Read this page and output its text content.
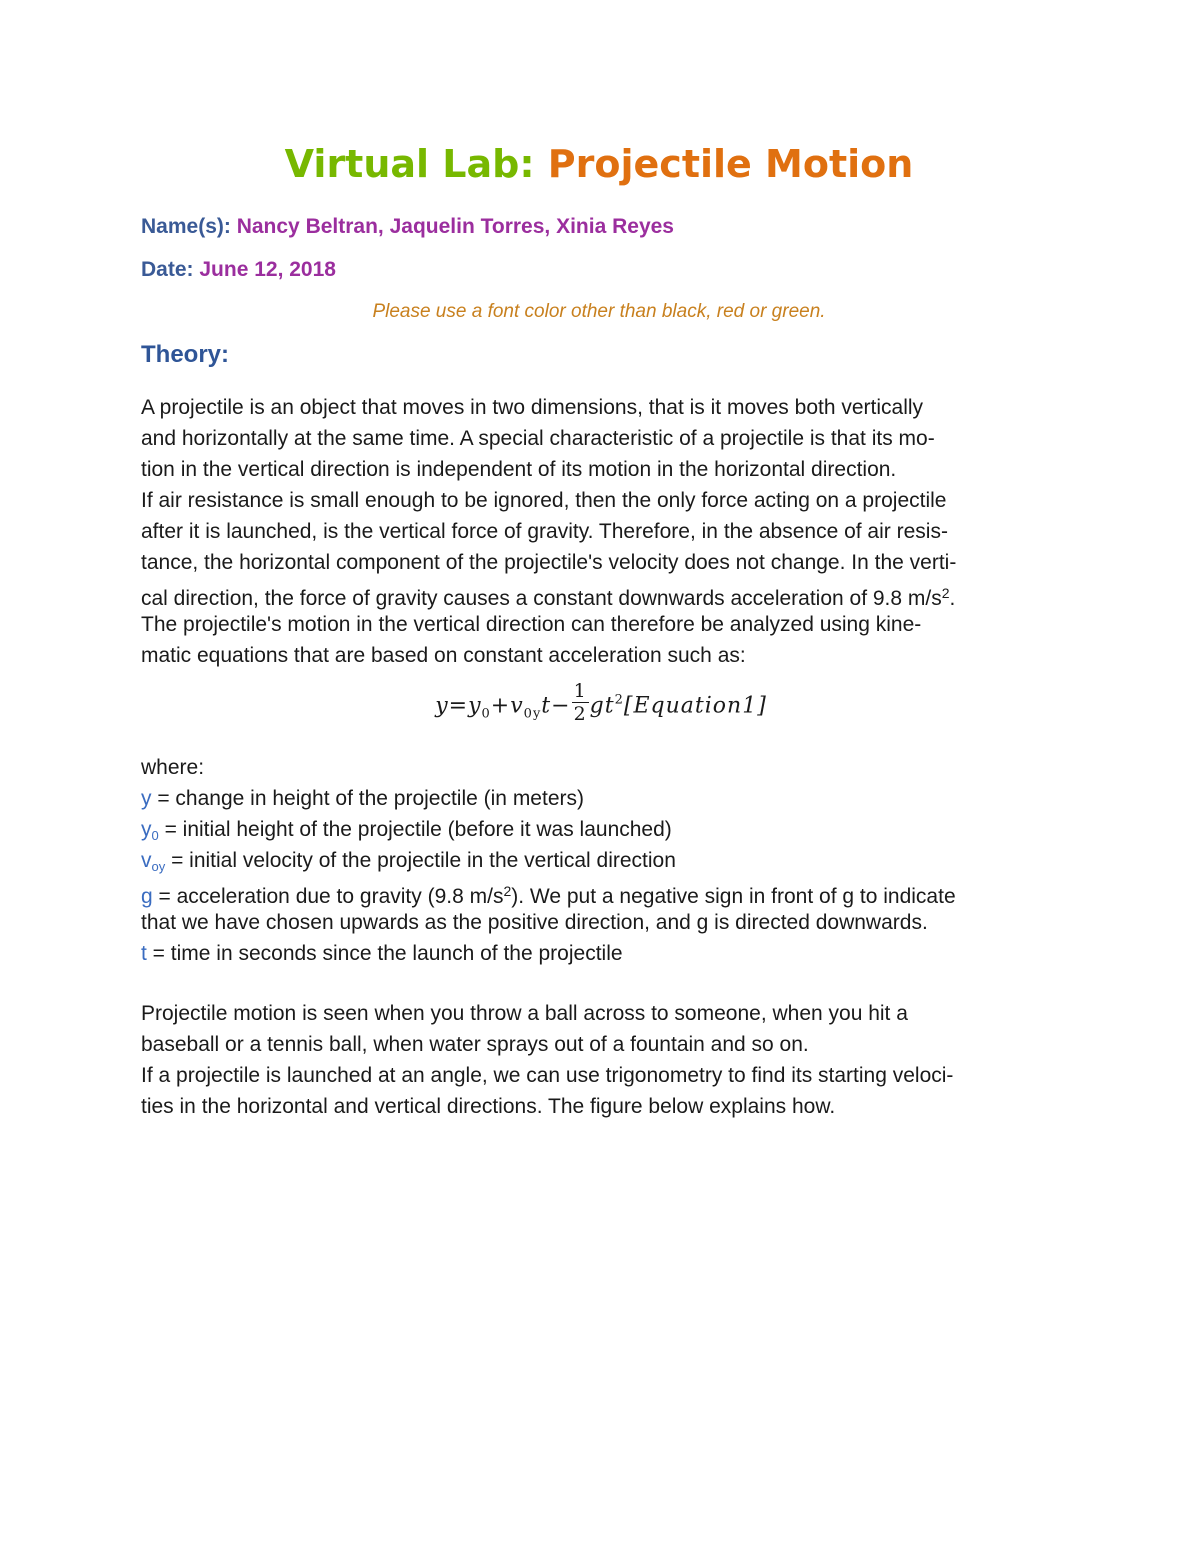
Virtual Lab: Projectile Motion
Name(s): Nancy Beltran, Jaquelin Torres, Xinia Reyes
Date: June 12, 2018
Please use a font color other than black, red or green.
Theory:
A projectile is an object that moves in two dimensions, that is it moves both vertically
and horizontally at the same time. A special characteristic of a projectile is that its mo-
tion in the vertical direction is independent of its motion in the horizontal direction.
If air resistance is small enough to be ignored, then the only force acting on a projectile
after it is launched, is the vertical force of gravity. Therefore, in the absence of air resis-
tance, the horizontal component of the projectile's velocity does not change. In the verti-
cal direction, the force of gravity causes a constant downwards acceleration of 9.8 $m/s^2$.
The projectile's motion in the vertical direction can therefore be analyzed using kine-
matic equations that are based on constant acceleration such as:
$y=y_0+v_{0y}t- \frac{1}{2}$ $gt^2[Equation1]$
where:
y = change in height of the projectile (in meters)
y0 = initial height of the projectile (before it was launched)
voy = initial velocity of the projectile in the vertical direction
g = acceleration due to gravity (9.8 $m/s^2$). We put a negative sign in front of g to indicate
that we have chosen upwards as the positive direction, and g is directed downwards.
t = time in seconds since the launch of the projectile
Projectile motion is seen when you throw a ball across to someone, when you hit a
baseball or a tennis ball, when water sprays out of a fountain and so on.
If a projectile is launched at an angle, we can use trigonometry to find its starting veloci-
ties in the horizontal and vertical directions. The figure below explains how.
